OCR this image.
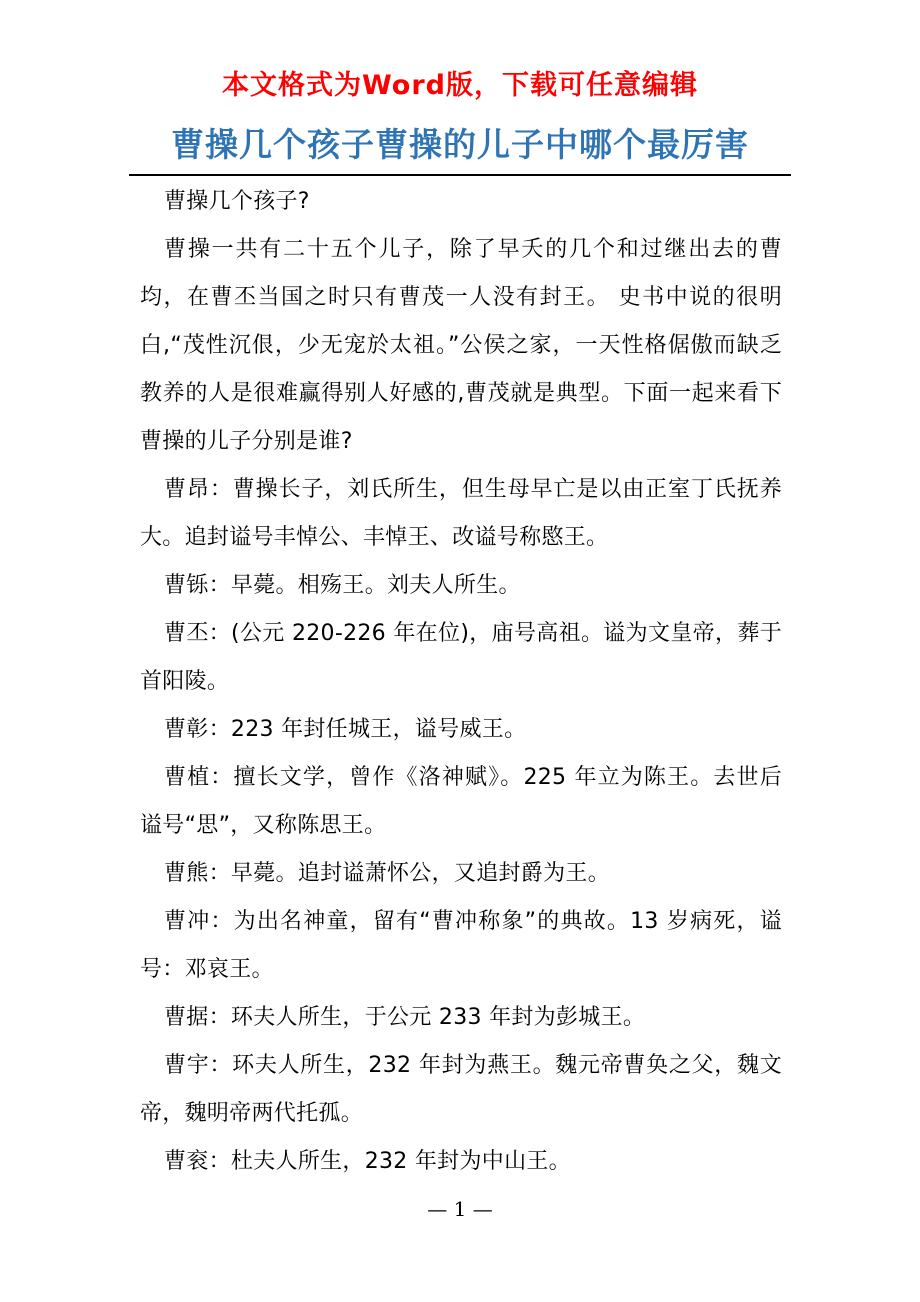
本文格式为Word版，下载可任意编辑
曹操几个孩子曹操的儿子中哪个最厉害

曹操几个孩子?

曹操一共有二十五个儿子，除了早夭的几个和过继出去的曹均，在曹丕当国之时只有曹茂一人没有封王。 史书中说的很明白,“茂性沉佷，少无宠於太祖。”公侯之家，一天性格倨傲而缺乏教养的人是很难赢得别人好感的,曹茂就是典型。下面一起来看下曹操的儿子分别是谁?

曹昂：曹操长子，刘氏所生，但生母早亡是以由正室丁氏抚养大。追封谥号丰悼公、丰悼王、改谥号称愍王。

曹铄：早薨。相殇王。刘夫人所生。

曹丕：(公元 220-226 年在位)，庙号高祖。谥为文皇帝，葬于首阳陵。

曹彰：223 年封任城王，谥号威王。

曹植：擅长文学，曾作《洛神赋》。225 年立为陈王。去世后谥号“思”，又称陈思王。

曹熊：早薨。追封谥萧怀公，又追封爵为王。

曹冲：为出名神童，留有“曹冲称象”的典故。13 岁病死，谥号：邓哀王。

曹据：环夫人所生，于公元 233 年封为彭城王。

曹宇：环夫人所生，232 年封为燕王。魏元帝曹奂之父，魏文帝，魏明帝两代托孤。

曹衮：杜夫人所生，232 年封为中山王。

— 1 —
